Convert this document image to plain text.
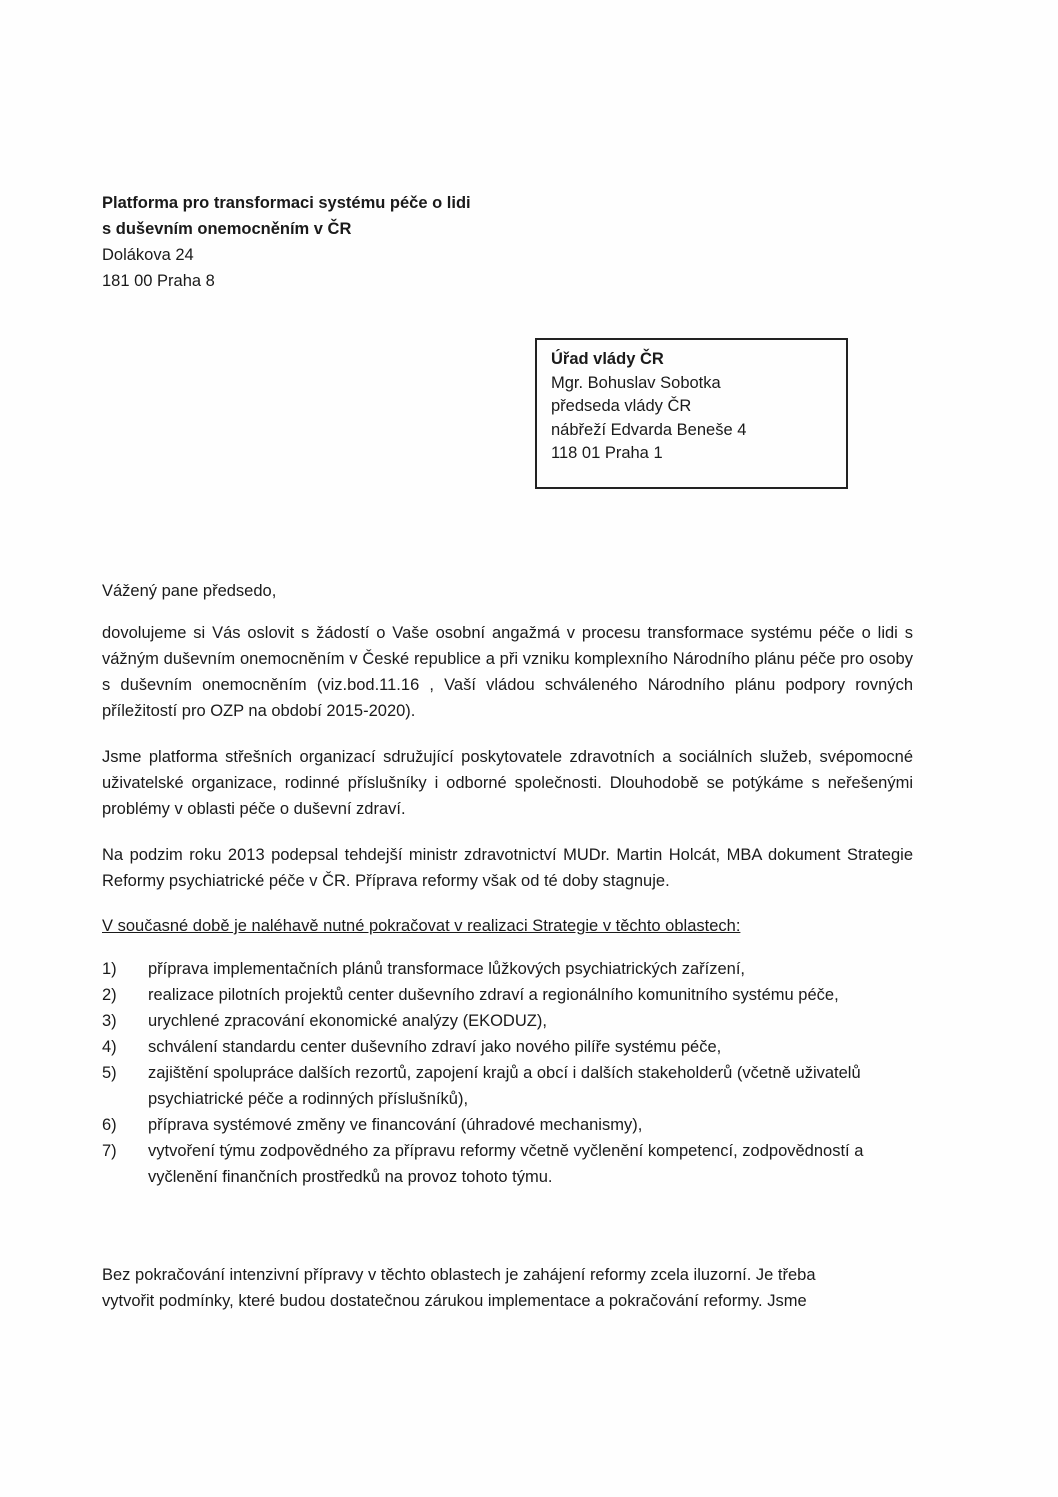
Platforma pro transformaci systému péče o lidi
s duševním onemocněním v ČR
Dolákova 24
181 00 Praha 8
Úřad vlády ČR
Mgr. Bohuslav Sobotka
předseda vlády ČR
nábřeží Edvarda Beneše 4
118 01 Praha 1
Vážený pane předsedo,
dovolujeme si Vás oslovit s žádostí o Vaše osobní angažmá v procesu transformace systému péče o lidi s vážným duševním onemocněním v České republice a při vzniku komplexního Národního plánu péče pro osoby s duševním onemocněním (viz.bod.11.16 , Vaší vládou schváleného Národního plánu podpory rovných příležitostí pro OZP na období 2015-2020).
Jsme platforma střešních organizací sdružující poskytovatele zdravotních a sociálních služeb, svépomocné uživatelské organizace, rodinné příslušníky i odborné společnosti. Dlouhodobě se potýkáme s neřešenými problémy v oblasti péče o duševní zdraví.
Na podzim roku 2013 podepsal tehdejší ministr zdravotnictví MUDr. Martin Holcát, MBA dokument Strategie Reformy psychiatrické péče v ČR. Příprava reformy však od té doby stagnuje.
V současné době je naléhavě nutné pokračovat v realizaci Strategie v těchto oblastech:
1)	příprava implementačních plánů transformace lůžkových psychiatrických zařízení,
2)	realizace pilotních projektů center duševního zdraví a regionálního komunitního systému péče,
3)	urychlené zpracování ekonomické analýzy (EKODUZ),
4)	schválení standardu center duševního zdraví jako nového pilíře systému péče,
5)	zajištění spolupráce dalších rezortů, zapojení krajů a obcí i dalších stakeholderů (včetně uživatelů psychiatrické péče a rodinných příslušníků),
6)	příprava systémové změny ve financování (úhradové mechanismy),
7)	vytvoření týmu zodpovědného za přípravu reformy včetně vyčlenění kompetencí, zodpovědností a vyčlenění finančních prostředků na provoz tohoto týmu.
Bez pokračování intenzivní přípravy v těchto oblastech je zahájení reformy zcela iluzorní. Je třeba
vytvořit podmínky, které budou dostatečnou zárukou implementace a pokračování reformy. Jsme
